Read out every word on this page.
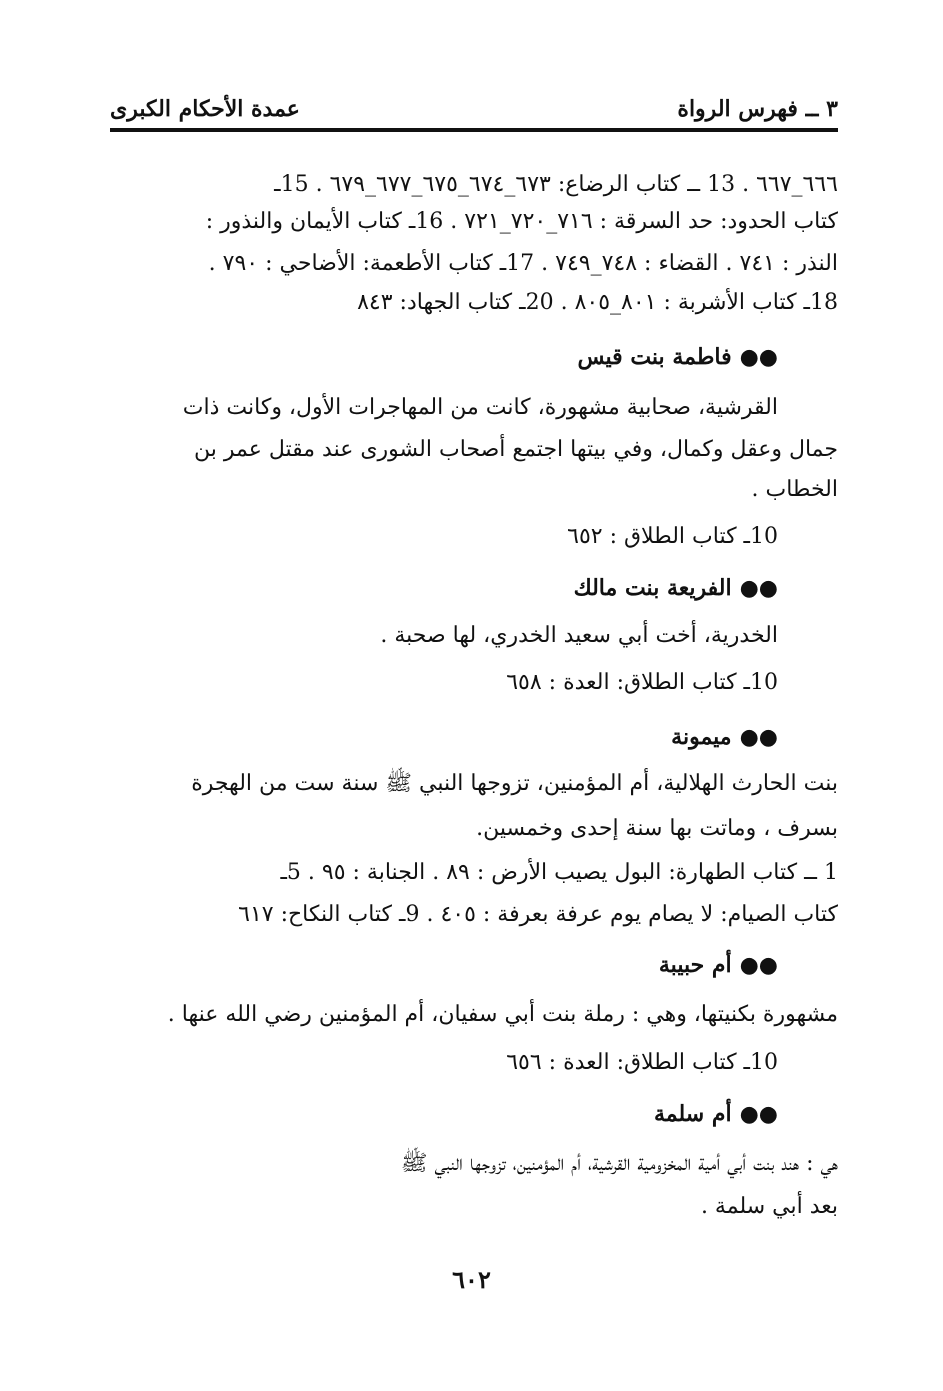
٣ ــ فهرس الرواة
عمدة الأحكام الكبرى
٦٦٦_٦٦٧ . 13 ــ كتاب الرضاع: ٦٧٣_٦٧٤_٦٧٥_٦٧٧_٦٧٩ . 15ـ
كتاب الحدود: حد السرقة : ٧١٦_٧٢٠_٧٢١ . 16ـ كتاب الأيمان والنذور :
النذر : ٧٤١ . القضاء : ٧٤٨_٧٤٩ . 17ـ كتاب الأطعمة: الأضاحي : ٧٩٠ .
18ـ كتاب الأشربة : ٨٠١_٨٠٥ . 20ـ كتاب الجهاد: ٨٤٣
●●فاطمة بنت قيس
القرشية، صحابية مشهورة، كانت من المهاجرات الأول، وكانت ذات
جمال وعقل وكمال، وفي بيتها اجتمع أصحاب الشورى عند مقتل عمر بن
الخطاب .
10ـ كتاب الطلاق : ٦٥٢
●●الفريعة بنت مالك
الخدرية، أخت أبي سعيد الخدري، لها صحبة .
10ـ كتاب الطلاق: العدة : ٦٥٨
●●ميمونة
بنت الحارث الهلالية، أم المؤمنين، تزوجها النبي ﷺ سنة ست من الهجرة
بسرف ، وماتت بها سنة إحدى وخمسين.
1 ــ كتاب الطهارة: البول يصيب الأرض : ٨٩ . الجنابة : ٩٥ . 5ـ
كتاب الصيام: لا يصام يوم عرفة بعرفة : ٤٠٥ . 9ـ كتاب النكاح: ٦١٧
●●أم حبيبة
مشهورة بكنيتها، وهي : رملة بنت أبي سفيان، أم المؤمنين رضي الله عنها .
10ـ كتاب الطلاق: العدة : ٦٥٦
●●أم سلمة
هي : هند بنت أبي أمية المخزومية القرشية، أم المؤمنين، تزوجها النبي ﷺ
بعد أبي سلمة .
٦٠٢
